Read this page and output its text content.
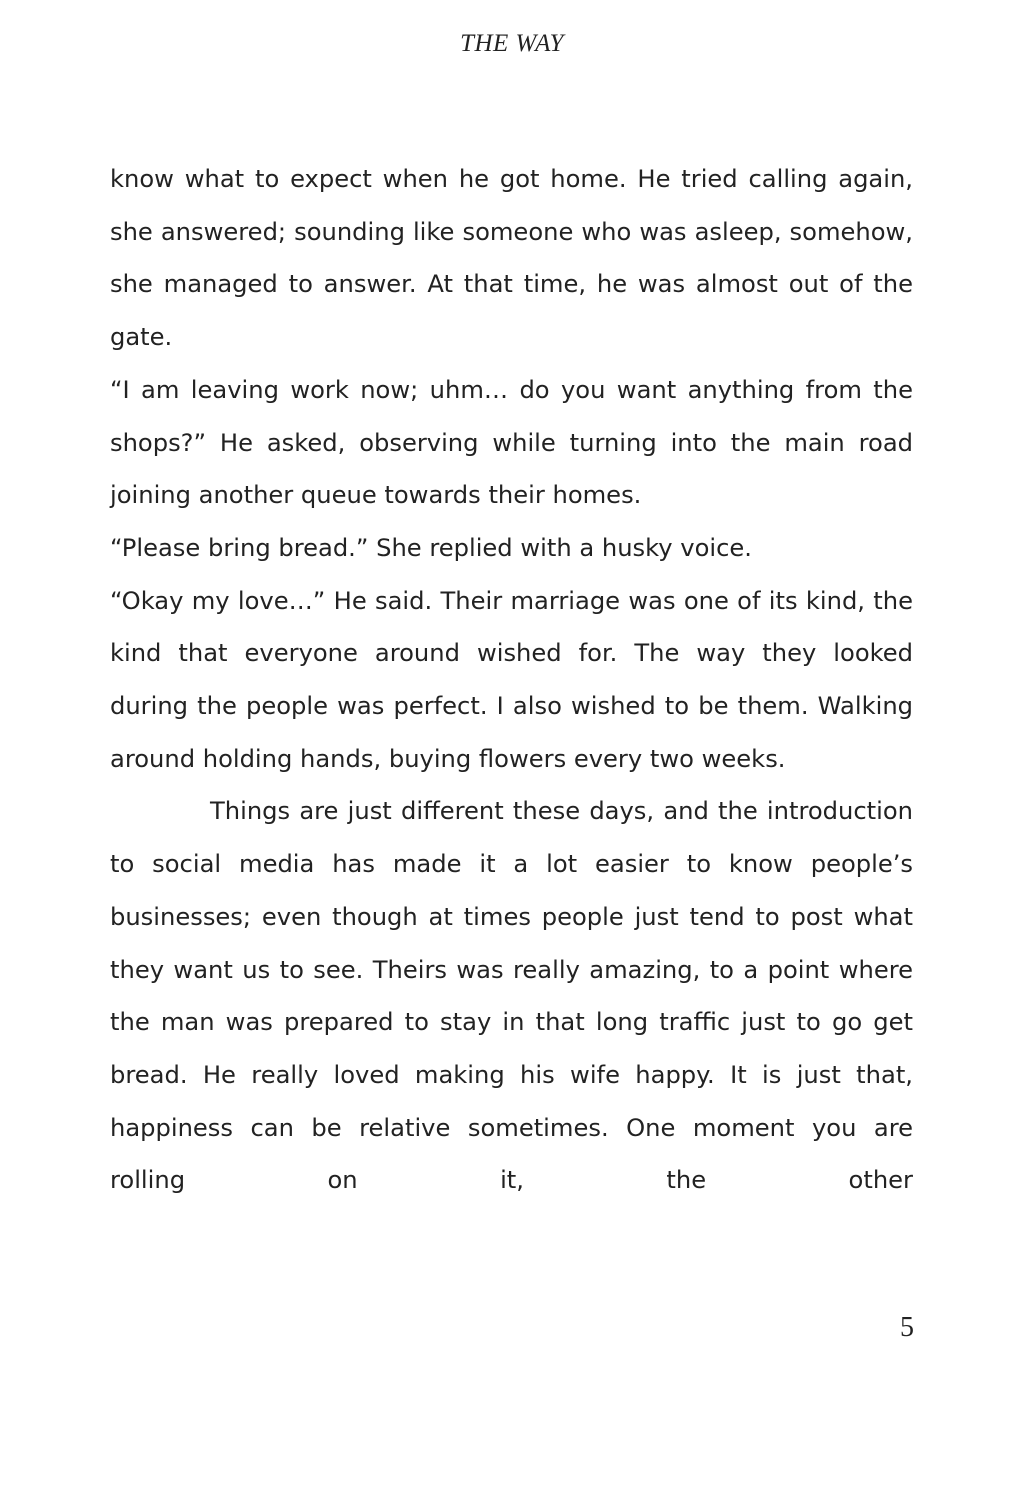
THE WAY

know what to expect when he got home. He tried calling again, she answered; sounding like someone who was asleep, somehow, she managed to answer. At that time, he was almost out of the gate.

“I am leaving work now; uhm… do you want anything from the shops?” He asked, observing while turning into the main road joining another queue towards their homes.

“Please bring bread.” She replied with a husky voice.

“Okay my love…” He said. Their marriage was one of its kind, the kind that everyone around wished for. The way they looked during the people was perfect. I also wished to be them. Walking around holding hands, buying flowers every two weeks.

Things are just different these days, and the introduction to social media has made it a lot easier to know people’s businesses; even though at times people just tend to post what they want us to see. Theirs was really amazing, to a point where the man was prepared to stay in that long traffic just to go get bread. He really loved making his wife happy. It is just that, happiness can be relative sometimes. One moment you are rolling on it, the other

5
